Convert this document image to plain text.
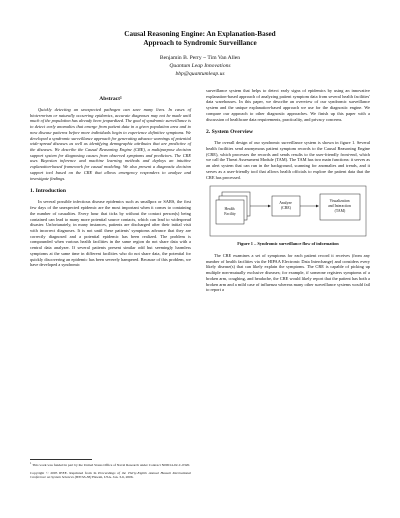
Causal Reasoning Engine: An Explanation-Based
Approach to Syndromic Surveillance
Benjamin B. Perry ~ Tim Van Allen
Quantum Leap Innovations
bbp@quantumleap.us

Abstract$^1$

Quickly detecting an unexpected pathogen can save many lives. In cases of bioterrorism or naturally occurring epidemics, accurate diagnoses may not be made until much of the population has already been jeopardized. The goal of syndromic surveillance is to detect early anomalies that emerge from patient data in a given population area and to now disease patterns before more individuals begin to experience definitive symptoms. We developed a syndromic surveillance approach for generating advance warnings of potential wide-spread diseases as well as identifying demographic attributes that are predictive of the diseases. We describe the Causal Reasoning Engine (CRE), a multipurpose decision support system for diagnosing causes from observed symptoms and predictors. The CRE uses Bayesian inference and machine learning methods and deploys an intuitive explanation-based framework for causal modeling. We also present a diagnostic decision support tool based on the CRE that allows emergency responders to analyze and investigate findings.

1. Introduction

In several possible infectious disease epidemics such as smallpox or SARS, the first few days of the unexpected epidemic are the most important when it comes to containing the number of casualties. Every hour that ticks by without the contact person(s) being contained can lead to many more potential source contacts, which can lead to widespread disaster. Unfortunately, in many instances, patients are discharged after their initial visit with incorrect diagnoses. It is not until these patients' symptoms advance that they are correctly diagnosed and a potential epidemic has been realized. The problem is compounded when various health facilities in the same region do not share data with a central data analyzer. If several patients present similar odd but seemingly harmless symptoms at the same time in different facilities who do not share data, the potential for quickly discovering an epidemic has been severely hampered. Because of this problem, we have developed a syndromic

$^1$ This work was funded in part by the United States Office of Naval Research under Contract N00014-02-C-0320.
Copyright © 2005 IEEE. Reprinted from In Proceedings of the Thirty-Eighth Annual Hawaii International Conference on System Sciences (HICSS-38) Hawaii, USA. Jan. 3-6, 2006.

surveillance system that helps to detect early signs of epidemics by using an innovative explanation-based approach of analyzing patient symptom data from several health facilities' data warehouses. In this paper, we describe an overview of our syndromic surveillance system and the unique explanation-based approach we use for the diagnostic engine. We compare our approach to other diagnostic approaches. We finish up this paper with a discussion of healthcare data requirements, practicality, and privacy concerns.

2. System Overview

The overall design of our syndromic surveillance system is shown in figure 1. Several health facilities send anonymous patient symptom records to the Causal Reasoning Engine (CRE), which processes the records and sends results to the user-friendly front-end, which we call the Threat Assessment Module (TAM). The TAM has two main functions: it serves as an alert system that can run in the background, scanning for anomalies and trends, and it serves as a user-friendly tool that allows health officials to explore the patient data that the CRE has processed.

Health Facility
Analyze (CRE)
Visualization and Interaction (TAM)

Figure 1 – Syndromic surveillance flow of information

The CRE examines a set of symptoms for each patient record it receives (from any number of health facilities via the HIPAA Electronic Data Interchange) and considers every likely disease(s) that can likely explain the symptoms. The CRE is capable of picking up multiple non-mutually exclusive diseases; for example, if someone registers symptoms of a broken arm, coughing, and headache, the CRE would likely report that the patient has both a broken arm and a mild case of influenza whereas many other surveillance systems would fail to report a
